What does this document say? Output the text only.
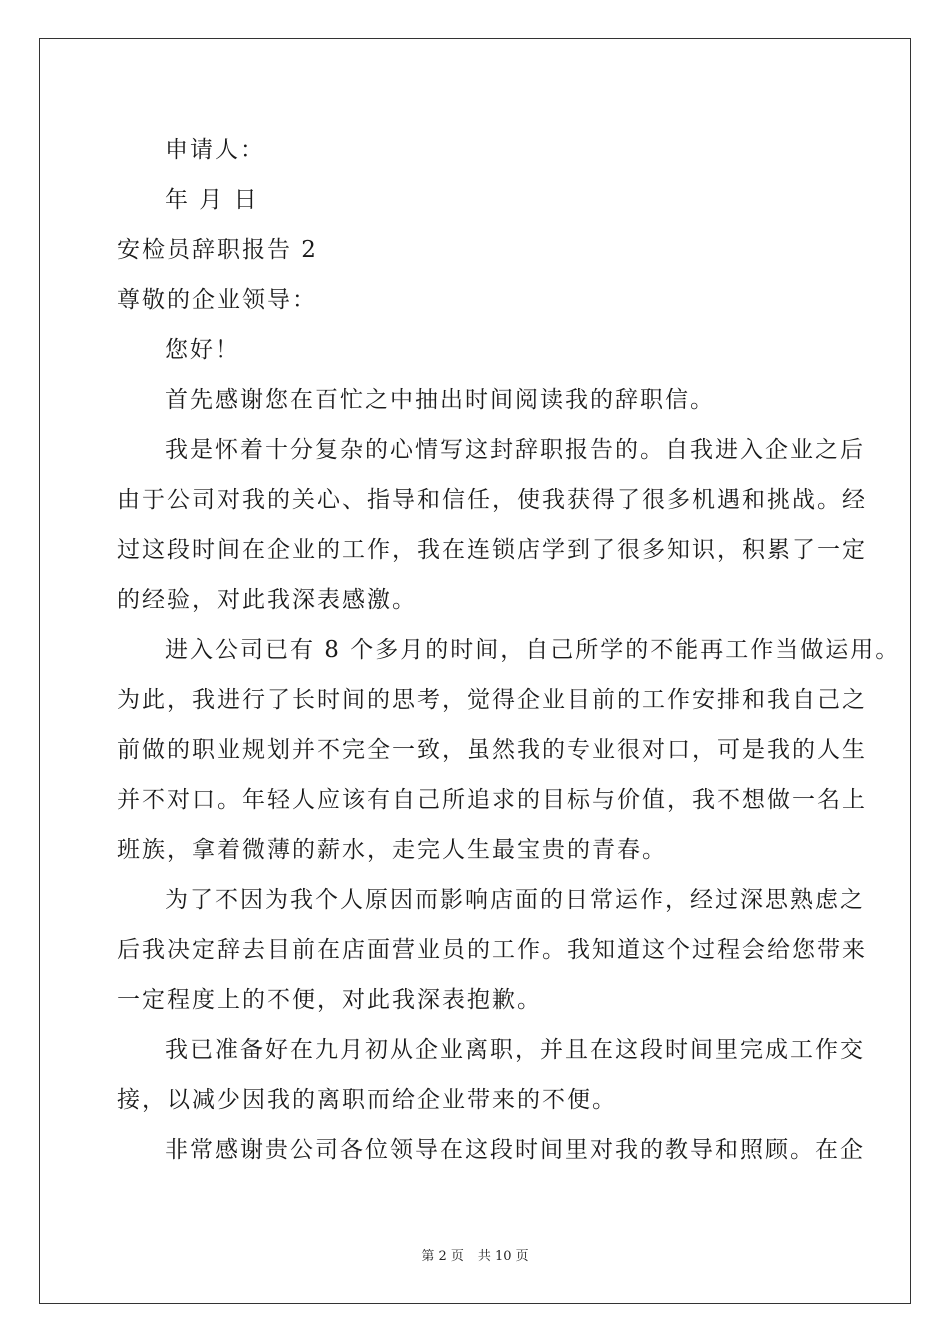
申请人：
年 月 日
安检员辞职报告 2
尊敬的企业领导：
您好！
首先感谢您在百忙之中抽出时间阅读我的辞职信。
我是怀着十分复杂的心情写这封辞职报告的。自我进入企业之后
由于公司对我的关心、指导和信任，使我获得了很多机遇和挑战。经
过这段时间在企业的工作，我在连锁店学到了很多知识，积累了一定
的经验，对此我深表感激。
进入公司已有 8 个多月的时间，自己所学的不能再工作当做运用。
为此，我进行了长时间的思考，觉得企业目前的工作安排和我自己之
前做的职业规划并不完全一致，虽然我的专业很对口，可是我的人生
并不对口。年轻人应该有自己所追求的目标与价值，我不想做一名上
班族，拿着微薄的薪水，走完人生最宝贵的青春。
为了不因为我个人原因而影响店面的日常运作，经过深思熟虑之
后我决定辞去目前在店面营业员的工作。我知道这个过程会给您带来
一定程度上的不便，对此我深表抱歉。
我已准备好在九月初从企业离职，并且在这段时间里完成工作交
接，以减少因我的离职而给企业带来的不便。
非常感谢贵公司各位领导在这段时间里对我的教导和照顾。在企
第 2 页 共 10 页
